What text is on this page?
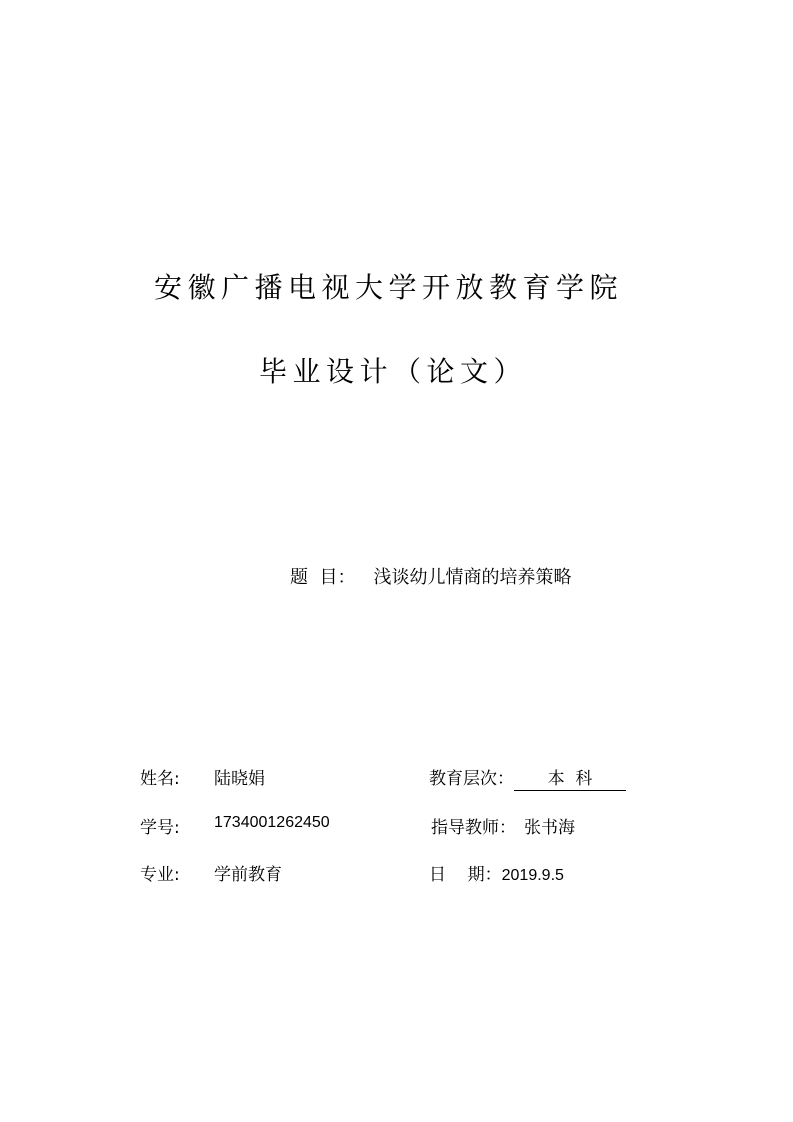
安徽广播电视大学开放教育学院
毕业设计（论文）
题  目： 浅谈幼儿情商的培养策略
姓名: 陆晓娟	教育层次： 本  科
学号: 1734001262450	指导教师： 张书海
专业: 学前教育	日    期：2019.9.5
